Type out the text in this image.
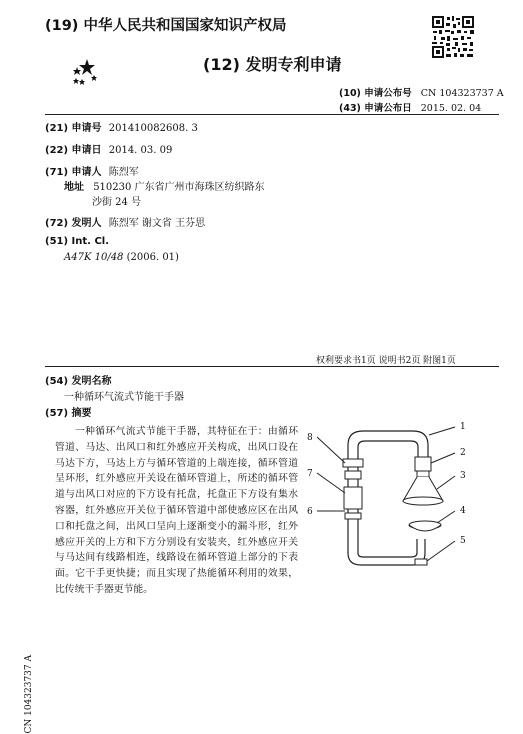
(19) 中华人民共和国国家知识产权局
(12) 发明专利申请
(10) 申请公布号 CN 104323737 A
(43) 申请公布日 2015. 02. 04
(21) 申请号 201410082608. 3
(22) 申请日 2014. 03. 09
(71) 申请人 陈烈军
地址 510230 广东省广州市海珠区纺织路东
沙街 24 号
(72) 发明人 陈烈军 谢文省 王芬思
(51) Int. Cl.
A47K 10/48 (2006. 01)
权利要求书1页 说明书2页 附图1页
(54) 发明名称
一种循环气流式节能干手器
(57) 摘要
一种循环气流式节能干手器，其特征在于：由循环管道、马达、出风口和红外感应开关构成，出风口设在马达下方，马达上方与循环管道的上端连接，循环管道呈环形，红外感应开关设在循环管道上，所述的循环管道与出风口对应的下方设有托盘，托盘正下方设有集水容器，红外感应开关位于循环管道中部使感应区在出风口和托盘之间，出风口呈向上逐渐变小的漏斗形，红外感应开关的上方和下方分别设有安装夹，红外感应开关与马达间有线路相连，线路设在循环管道上部分的下表面。它干手更快捷；而且实现了热能循环利用的效果，比传统干手器更节能。
1
2
3
4
5
6
7
8
CN 104323737 A
